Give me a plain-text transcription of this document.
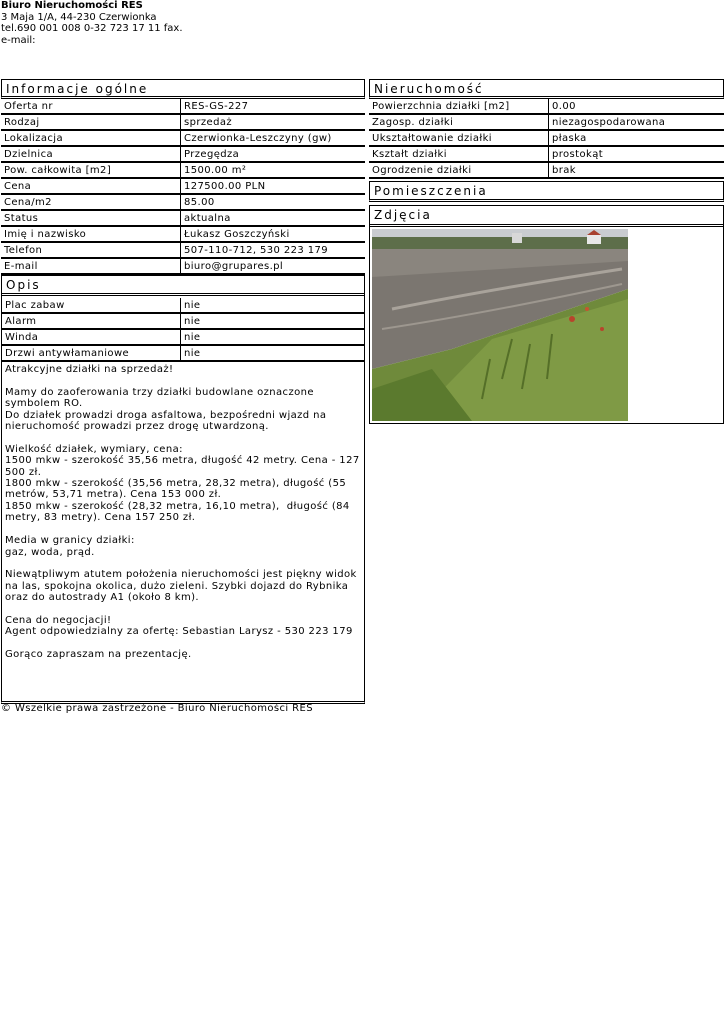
Biuro Nieruchomości RES
3 Maja 1/A, 44-230 Czerwionka
tel.690 001 008 0-32 723 17 11 fax.
e-mail:
Informacje ogólne
Oferta nr	RES-GS-227
Rodzaj	sprzedaż
Lokalizacja	Czerwionka-Leszczyny (gw)
Dzielnica	Przegędza
Pow. całkowita [m2]	1500.00 m²
Cena	127500.00 PLN
Cena/m2	85.00
Status	aktualna
Imię i nazwisko	Łukasz Goszczyński
Telefon	507-110-712, 530 223 179
E-mail	biuro@grupares.pl
Opis
Plac zabaw	nie
Alarm	nie
Winda	nie
Drzwi antywłamaniowe	nie
Atrakcyjne działki na sprzedaż!

Mamy do zaoferowania trzy działki budowlane oznaczone symbolem RO.
Do działek prowadzi droga asfaltowa, bezpośredni wjazd na nieruchomość prowadzi przez drogę utwardzoną.

Wielkość działek, wymiary, cena:
1500 mkw - szerokość 35,56 metra, długość 42 metry. Cena - 127 500 zł.
1800 mkw - szerokość (35,56 metra, 28,32 metra), długość (55 metrów, 53,71 metra). Cena 153 000 zł.
1850 mkw - szerokość (28,32 metra, 16,10 metra),  długość (84 metry, 83 metry). Cena 157 250 zł.

Media w granicy działki:
gaz, woda, prąd.

Niewątpliwym atutem położenia nieruchomości jest piękny widok na las, spokojna okolica, dużo zieleni. Szybki dojazd do Rybnika oraz do autostrady A1 (około 8 km).

Cena do negocjacji!
Agent odpowiedzialny za ofertę: Sebastian Larysz - 530 223 179

Gorąco zapraszam na prezentację.
Nieruchomość
Powierzchnia działki [m2]	0.00
Zagosp. działki	niezagospodarowana
Ukształtowanie działki	płaska
Kształt działki	prostokąt
Ogrodzenie działki	brak
Pomieszczenia
Zdjęcia
© Wszelkie prawa zastrzeżone - Biuro Nieruchomości RES
